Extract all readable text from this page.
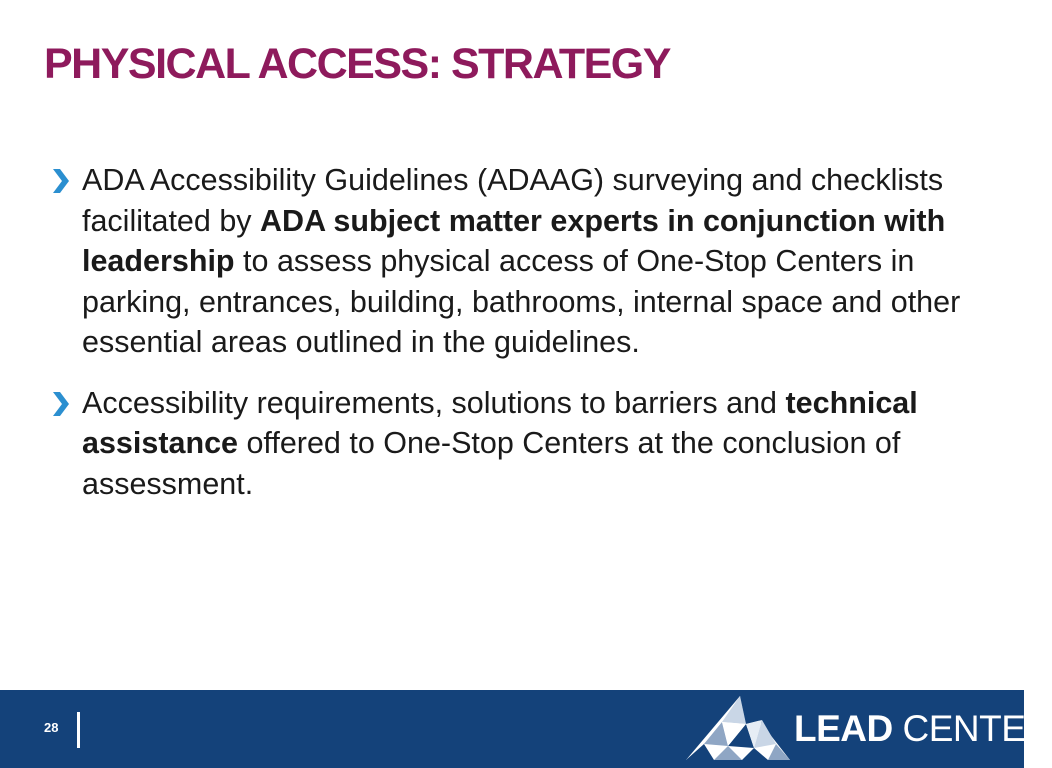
PHYSICAL ACCESS: STRATEGY
ADA Accessibility Guidelines (ADAAG) surveying and checklists facilitated by ADA subject matter experts in conjunction with leadership to assess physical access of One-Stop Centers in parking, entrances, building, bathrooms, internal space and other essential areas outlined in the guidelines.
Accessibility requirements, solutions to barriers and technical assistance offered to One-Stop Centers at the conclusion of assessment.
28	LEAD CENTER
